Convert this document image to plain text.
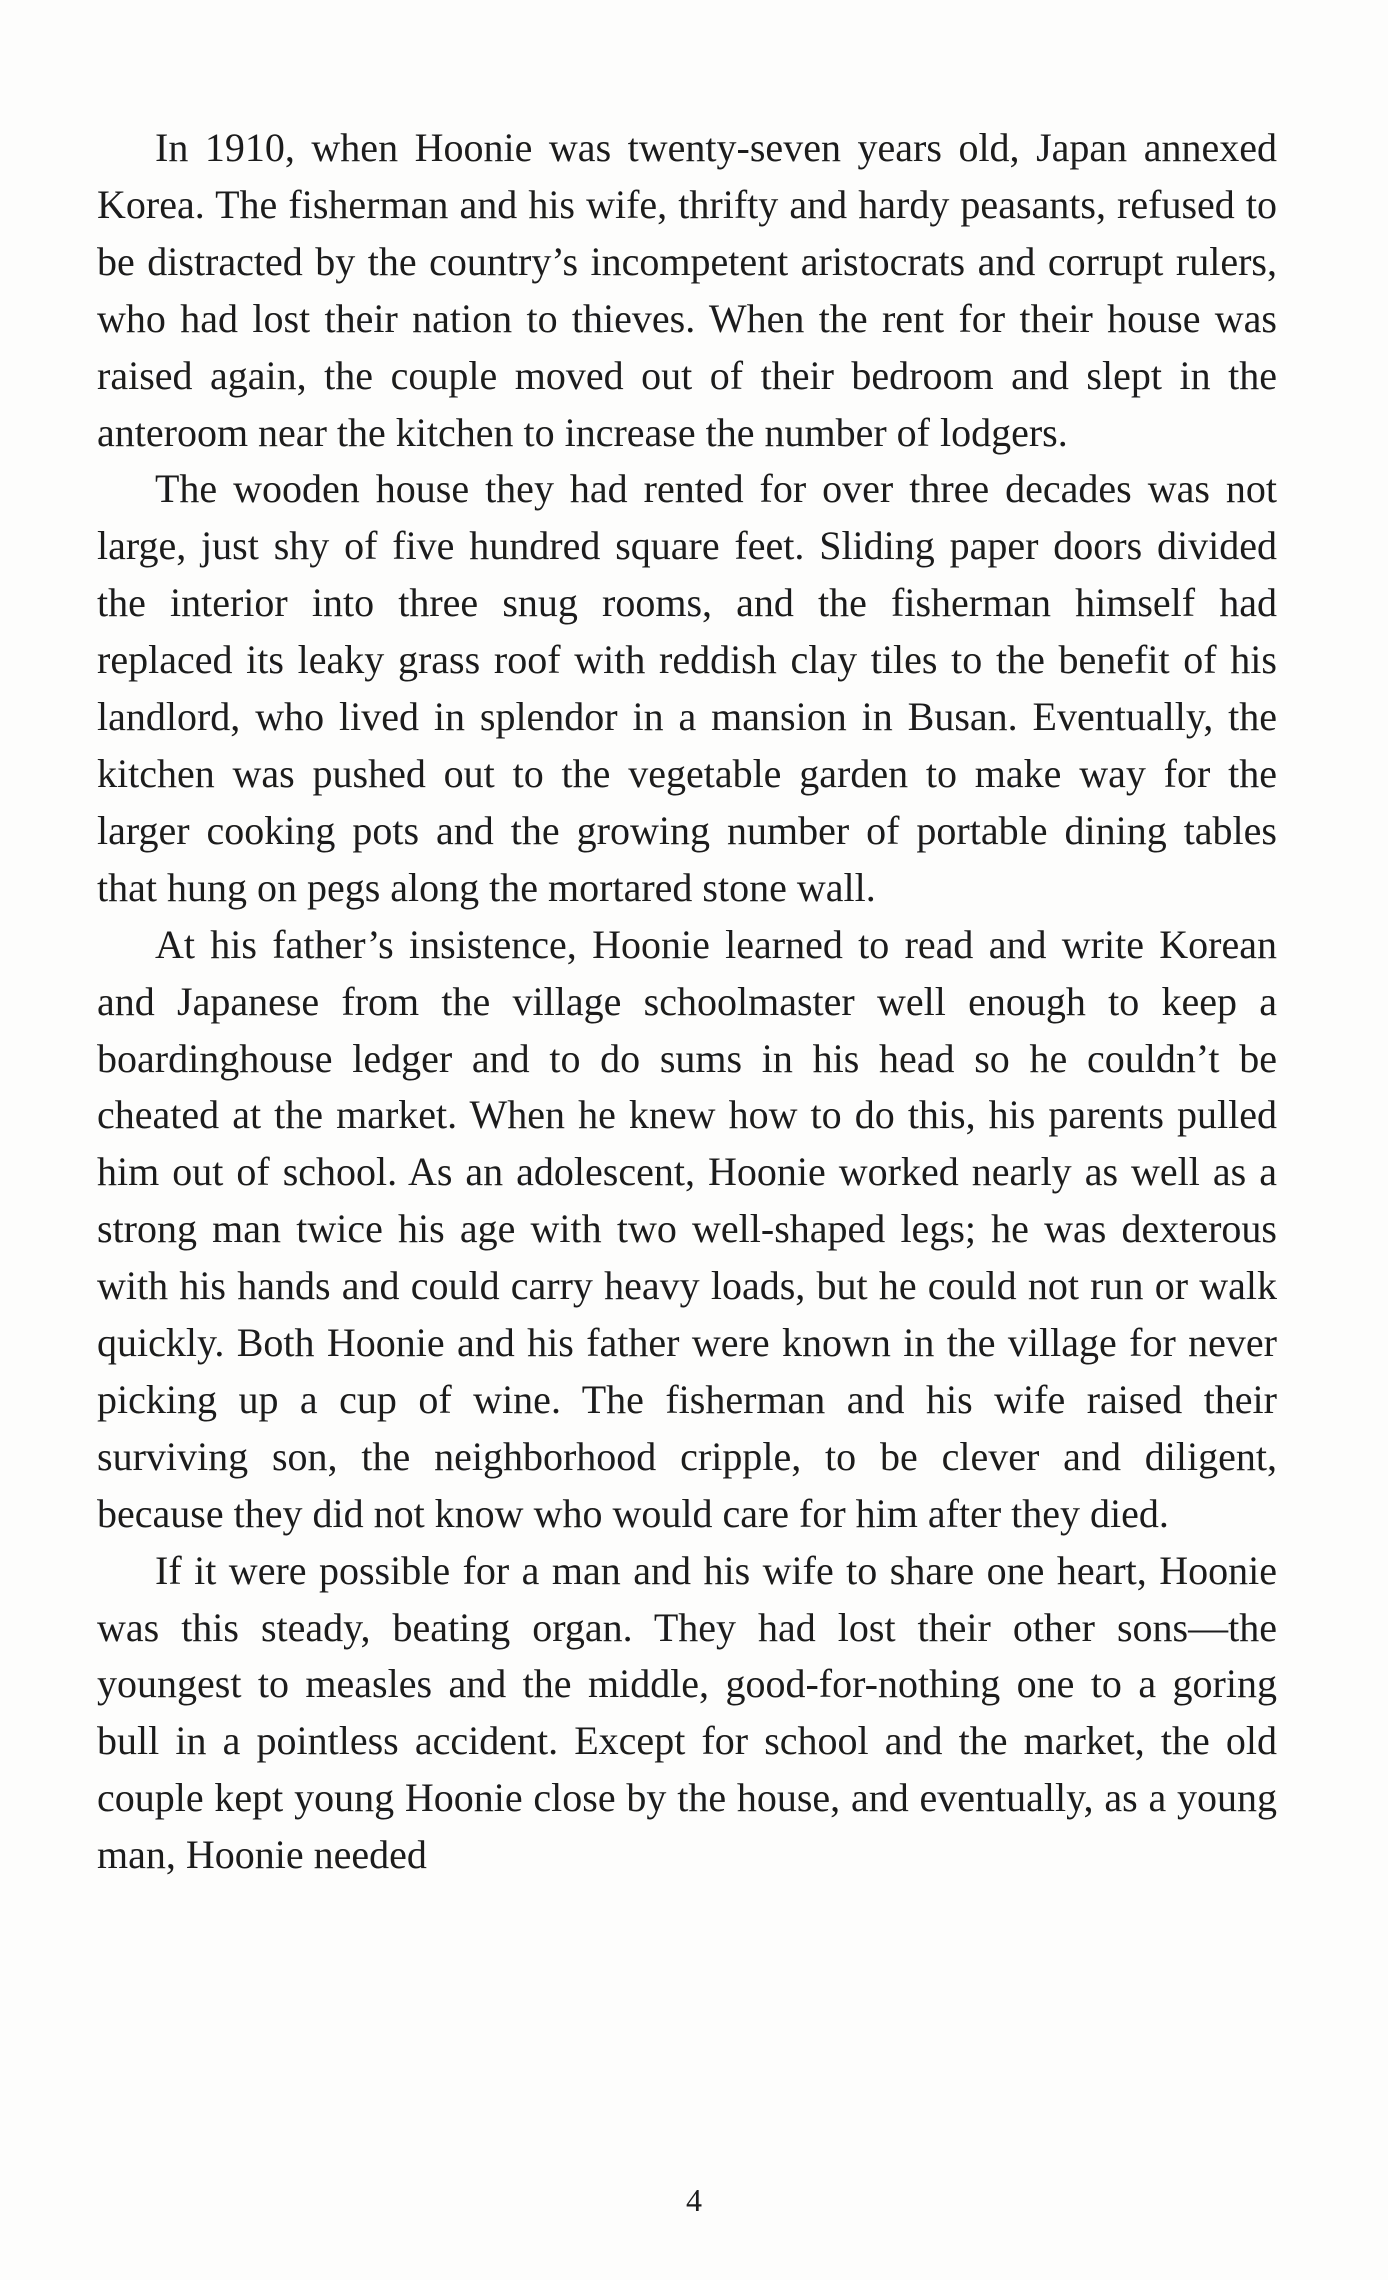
In 1910, when Hoonie was twenty-seven years old, Japan annexed Korea. The fisherman and his wife, thrifty and hardy peasants, refused to be distracted by the country’s incompetent aristocrats and corrupt rulers, who had lost their nation to thieves. When the rent for their house was raised again, the couple moved out of their bedroom and slept in the anteroom near the kitchen to increase the number of lodgers.

The wooden house they had rented for over three decades was not large, just shy of five hundred square feet. Sliding paper doors divided the interior into three snug rooms, and the fisherman himself had replaced its leaky grass roof with reddish clay tiles to the benefit of his landlord, who lived in splendor in a mansion in Busan. Eventually, the kitchen was pushed out to the vegetable garden to make way for the larger cooking pots and the growing number of portable dining tables that hung on pegs along the mortared stone wall.

At his father’s insistence, Hoonie learned to read and write Korean and Japanese from the village schoolmaster well enough to keep a boardinghouse ledger and to do sums in his head so he couldn’t be cheated at the market. When he knew how to do this, his parents pulled him out of school. As an adolescent, Hoonie worked nearly as well as a strong man twice his age with two well-shaped legs; he was dexterous with his hands and could carry heavy loads, but he could not run or walk quickly. Both Hoonie and his father were known in the village for never picking up a cup of wine. The fisherman and his wife raised their surviving son, the neighborhood cripple, to be clever and diligent, because they did not know who would care for him after they died.

If it were possible for a man and his wife to share one heart, Hoonie was this steady, beating organ. They had lost their other sons—the youngest to measles and the middle, good-for-nothing one to a goring bull in a pointless accident. Except for school and the market, the old couple kept young Hoonie close by the house, and eventually, as a young man, Hoonie needed

4
